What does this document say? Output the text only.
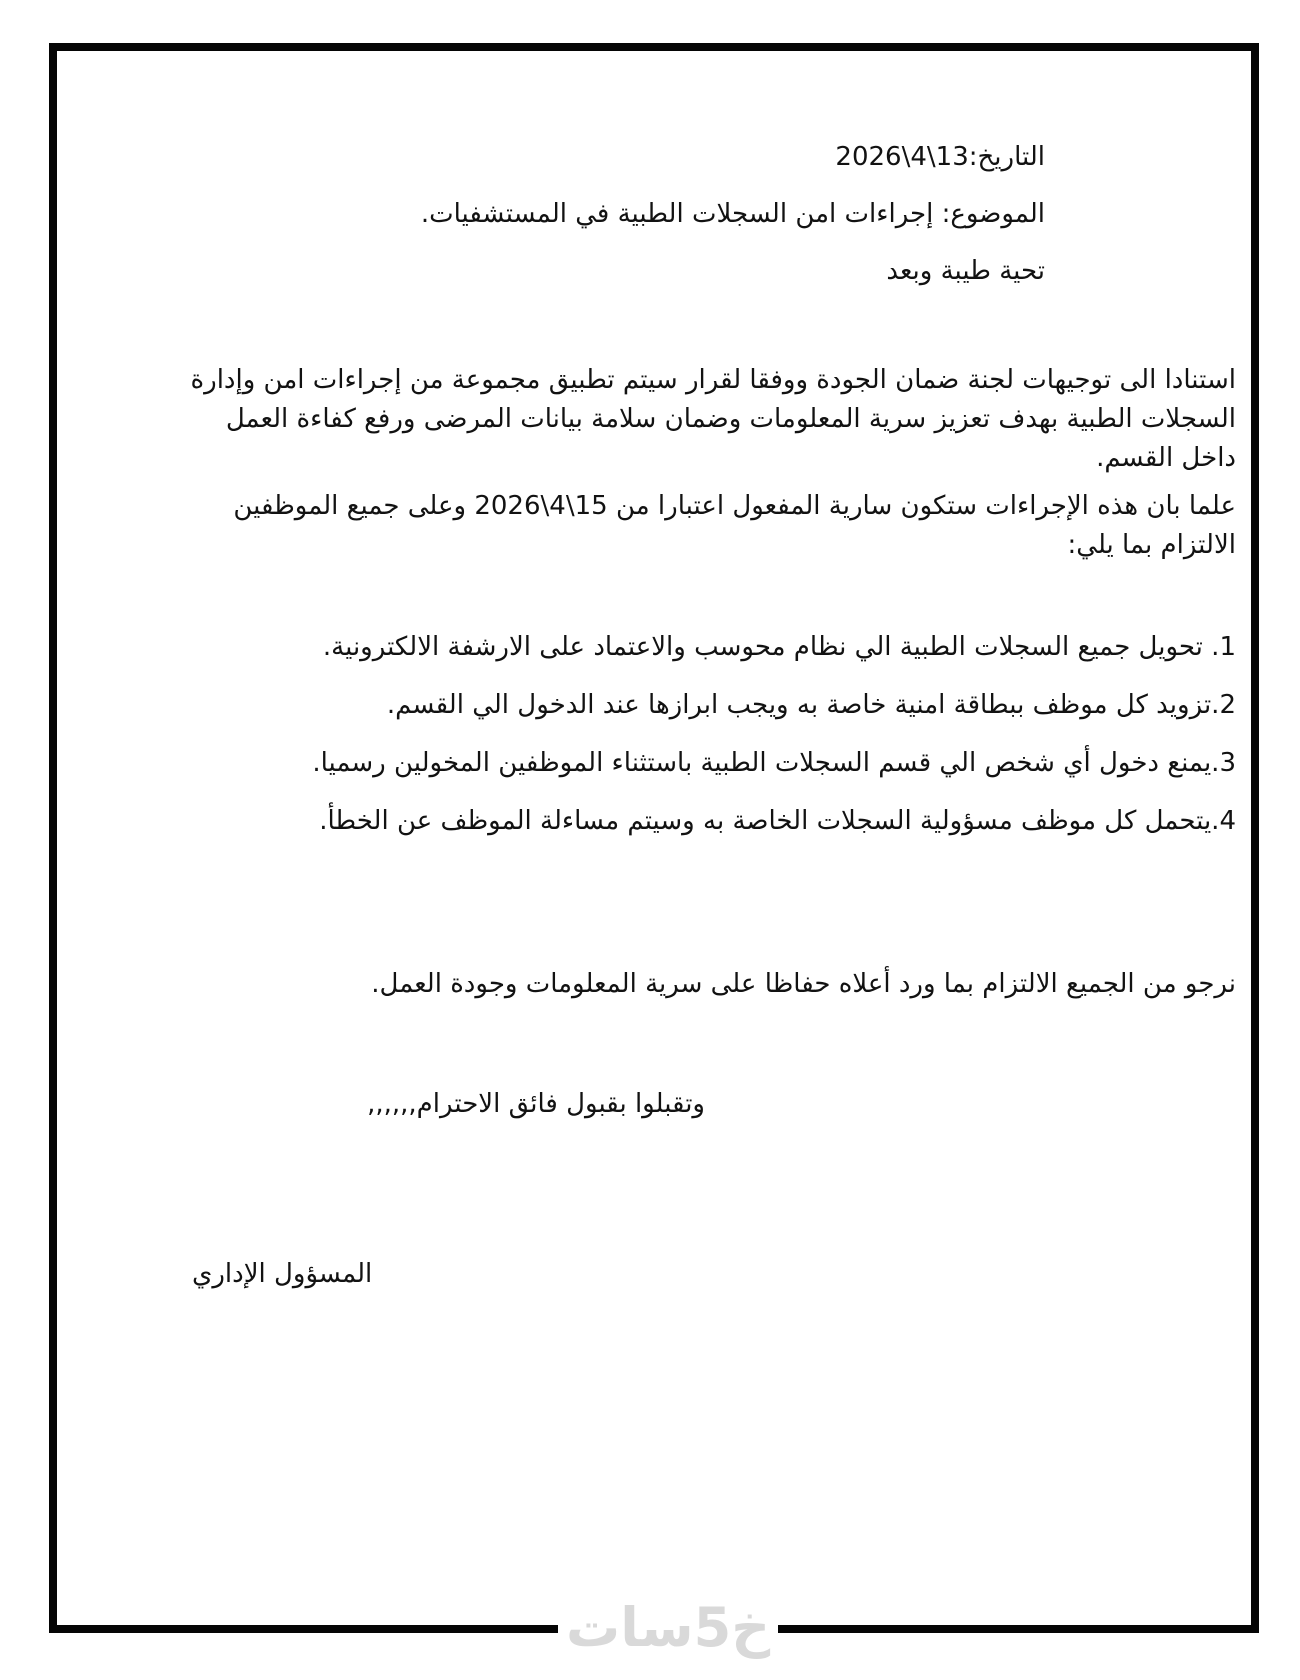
التاريخ:13\4\2026

الموضوع: إجراءات امن السجلات الطبية في المستشفيات.

تحية طيبة وبعد

استنادا الى توجيهات لجنة ضمان الجودة ووفقا لقرار سيتم تطبيق مجموعة من إجراءات امن وإدارة السجلات الطبية بهدف تعزيز سرية المعلومات وضمان سلامة بيانات المرضى ورفع كفاءة العمل داخل القسم.

علما بان هذه الإجراءات ستكون سارية المفعول اعتبارا من 15\4\2026 وعلى جميع الموظفين الالتزام بما يلي:

1. تحويل جميع السجلات الطبية الي نظام محوسب والاعتماد على الارشفة الالكترونية.
2.تزويد كل موظف ببطاقة امنية خاصة به ويجب ابرازها عند الدخول الي القسم.
3.يمنع دخول أي شخص الي قسم السجلات الطبية باستثناء الموظفين المخولين رسميا.
4.يتحمل كل موظف مسؤولية السجلات الخاصة به وسيتم مساءلة الموظف عن الخطأ.

نرجو من الجميع الالتزام بما ورد أعلاه حفاظا على سرية المعلومات وجودة العمل.

وتقبلوا بقبول فائق الاحترام,,,,,,

المسؤول الإداري

خ5سات
